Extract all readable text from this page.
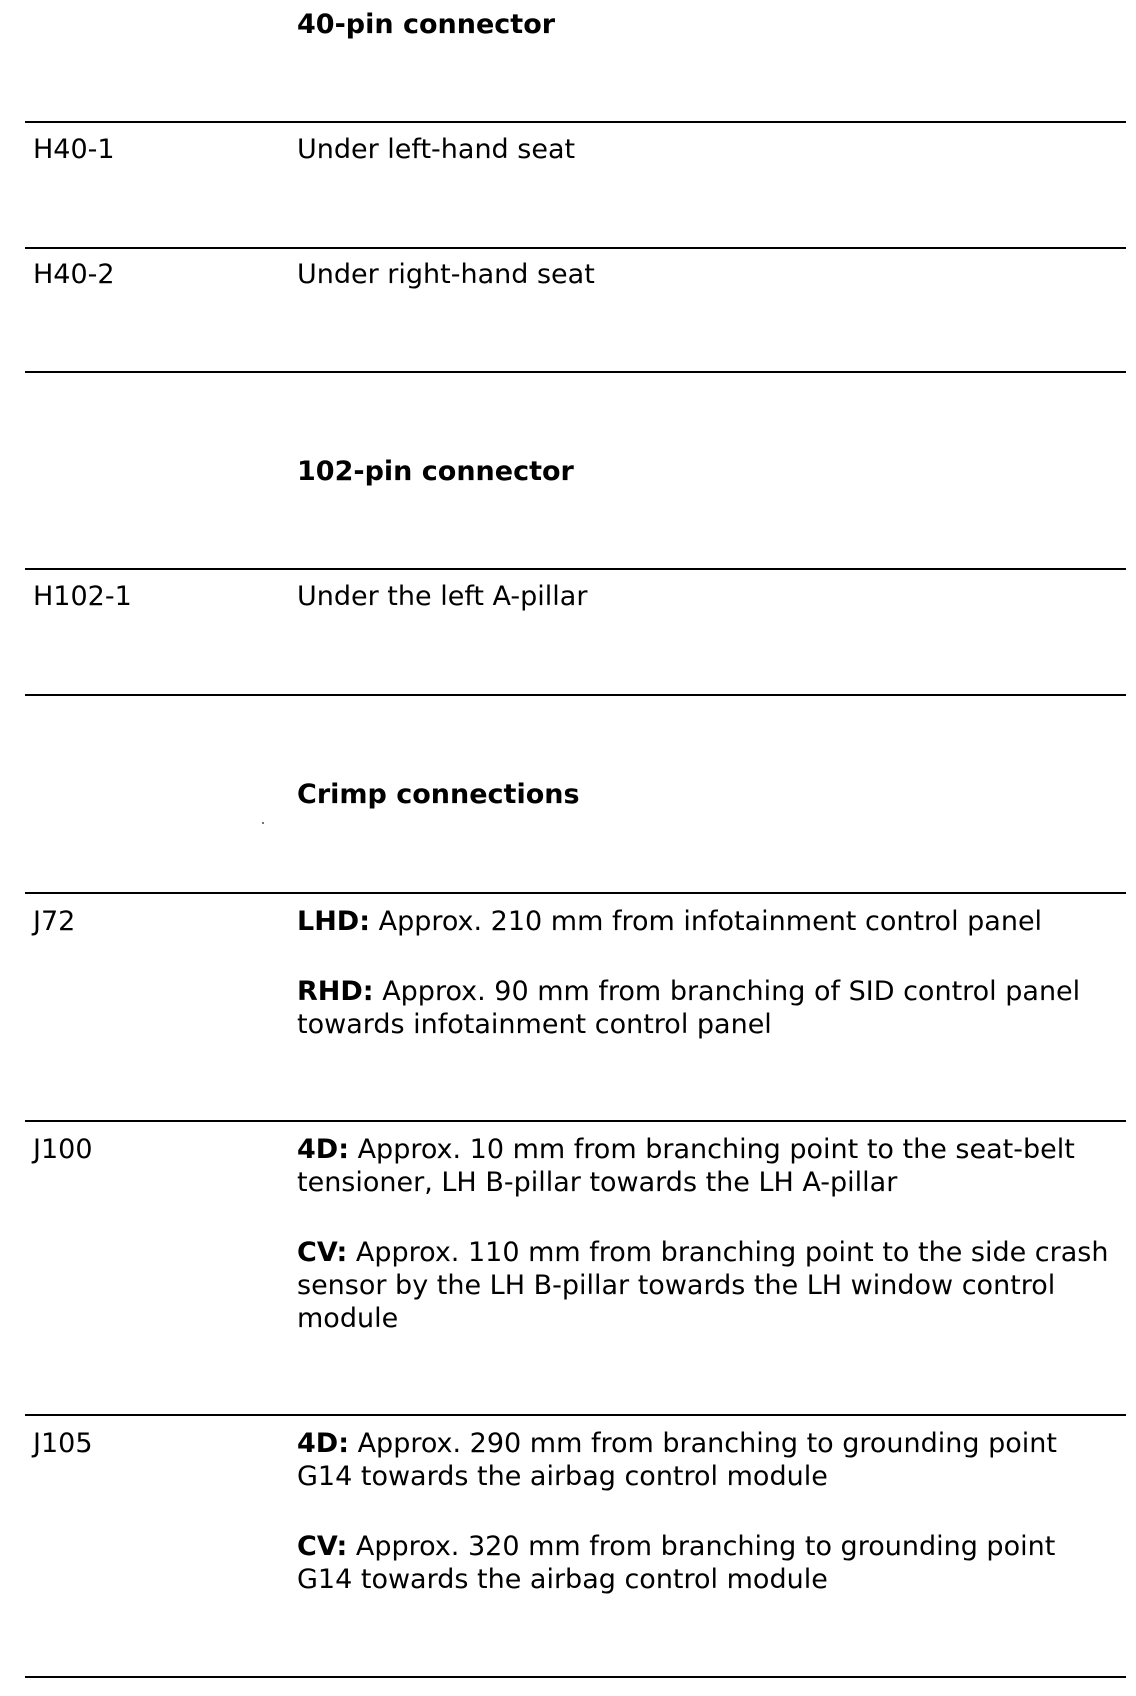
40-pin connector
H40-1	Under left-hand seat
H40-2	Under right-hand seat
102-pin connector
H102-1	Under the left A-pillar
Crimp connections
J72	LHD: Approx. 210 mm from infotainment control panel

RHD: Approx. 90 mm from branching of SID control panel towards infotainment control panel

J100	4D: Approx. 10 mm from branching point to the seat-belt tensioner, LH B-pillar towards the LH A-pillar

CV: Approx. 110 mm from branching point to the side crash sensor by the LH B-pillar towards the LH window control module

J105	4D: Approx. 290 mm from branching to grounding point G14 towards the airbag control module

CV: Approx. 320 mm from branching to grounding point G14 towards the airbag control module
